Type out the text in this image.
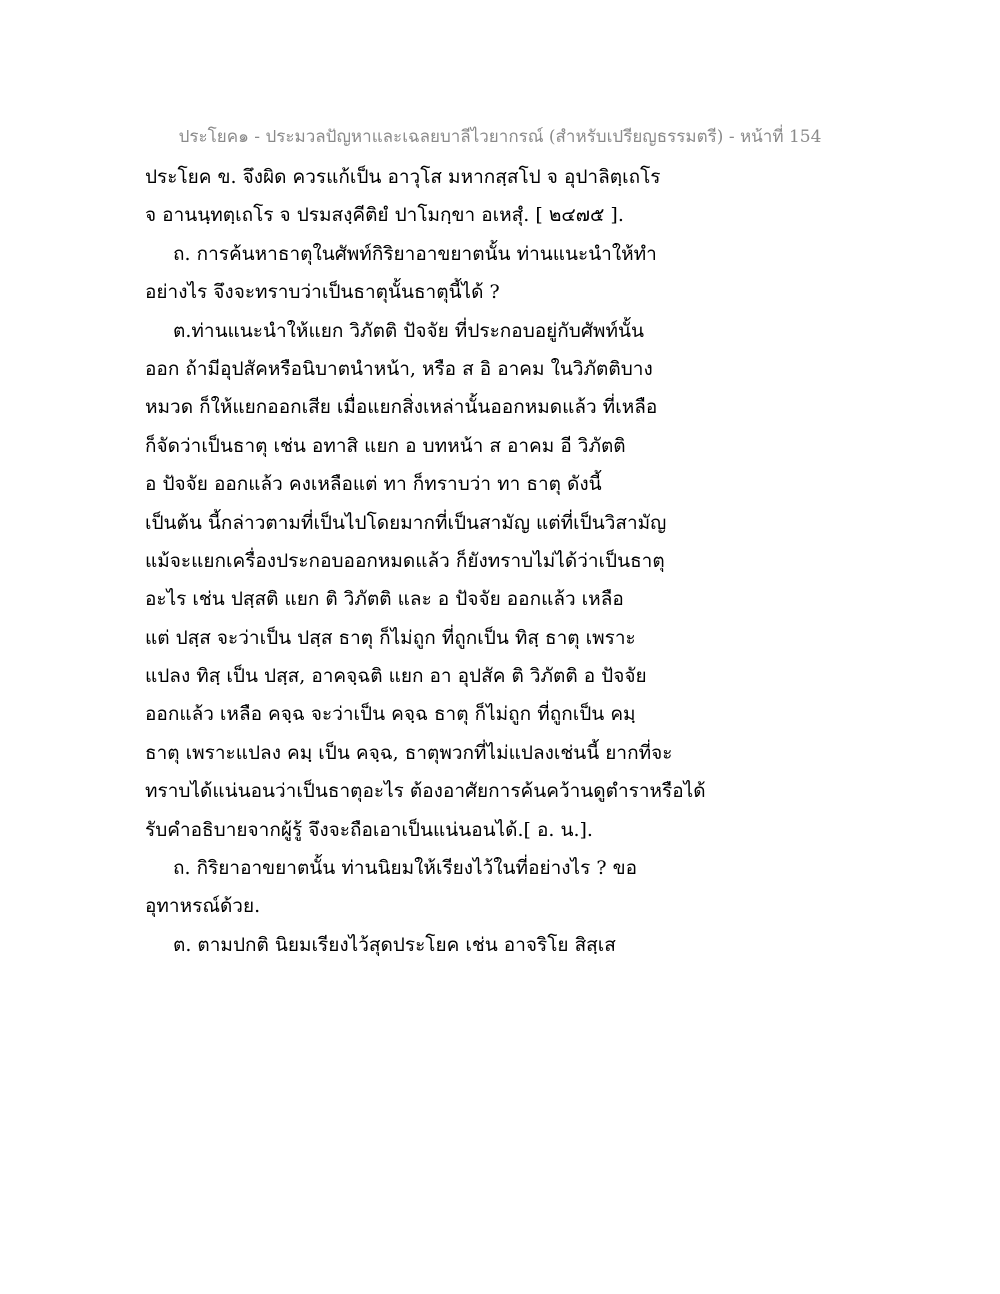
ประโยค๑ - ประมวลปัญหาและเฉลยบาลีไวยากรณ์ (สำหรับเปรียญธรรมตรี) - หน้าที่ 154
ประโยค ข. จึงผิด ควรแก้เป็น อาวุโส มหากสฺสโป จ อุปาลิตฺเถโร
จ อานนฺทตฺเถโร จ ปรมสงฺคีติยํ ปาโมกฺขา อเหสุํ. [ ๒๔๗๕ ].
ถ. การค้นหาธาตุในศัพท์กิริยาอาขยาตนั้น ท่านแนะนำให้ทำ
อย่างไร จึงจะทราบว่าเป็นธาตุนั้นธาตุนี้ได้ ?
ต.ท่านแนะนำให้แยก วิภัตติ ปัจจัย ที่ประกอบอยู่กับศัพท์นั้น
ออก ถ้ามีอุปสัคหรือนิบาตนำหน้า, หรือ ส อิ อาคม ในวิภัตติบาง
หมวด ก็ให้แยกออกเสีย เมื่อแยกสิ่งเหล่านั้นออกหมดแล้ว ที่เหลือ
ก็จัดว่าเป็นธาตุ เช่น อทาสิ แยก อ บทหน้า ส อาคม อี วิภัตติ
อ ปัจจัย ออกแล้ว คงเหลือแต่ ทา ก็ทราบว่า ทา ธาตุ ดังนี้
เป็นต้น นี้กล่าวตามที่เป็นไปโดยมากที่เป็นสามัญ แต่ที่เป็นวิสามัญ
แม้จะแยกเครื่องประกอบออกหมดแล้ว ก็ยังทราบไม่ได้ว่าเป็นธาตุ
อะไร เช่น ปสฺสติ แยก ติ วิภัตติ และ อ ปัจจัย ออกแล้ว เหลือ
แต่ ปสฺส จะว่าเป็น ปสฺส ธาตุ ก็ไม่ถูก ที่ถูกเป็น ทิสฺ ธาตุ เพราะ
แปลง ทิสฺ เป็น ปสฺส, อาคจฺฉติ แยก อา อุปสัค ติ วิภัตติ อ ปัจจัย
ออกแล้ว เหลือ คจฺฉ จะว่าเป็น คจฺฉ ธาตุ ก็ไม่ถูก ที่ถูกเป็น คมฺ
ธาตุ เพราะแปลง คมฺ เป็น คจฺฉ, ธาตุพวกที่ไม่แปลงเช่นนี้ ยากที่จะ
ทราบได้แน่นอนว่าเป็นธาตุอะไร ต้องอาศัยการค้นคว้านดูตำราหรือได้
รับคำอธิบายจากผู้รู้ จึงจะถือเอาเป็นแน่นอนได้.[ อ. น.].
ถ. กิริยาอาขยาตนั้น ท่านนิยมให้เรียงไว้ในที่อย่างไร ? ขอ
อุทาหรณ์ด้วย.
ต. ตามปกติ นิยมเรียงไว้สุดประโยค เช่น อาจริโย สิสฺเส
